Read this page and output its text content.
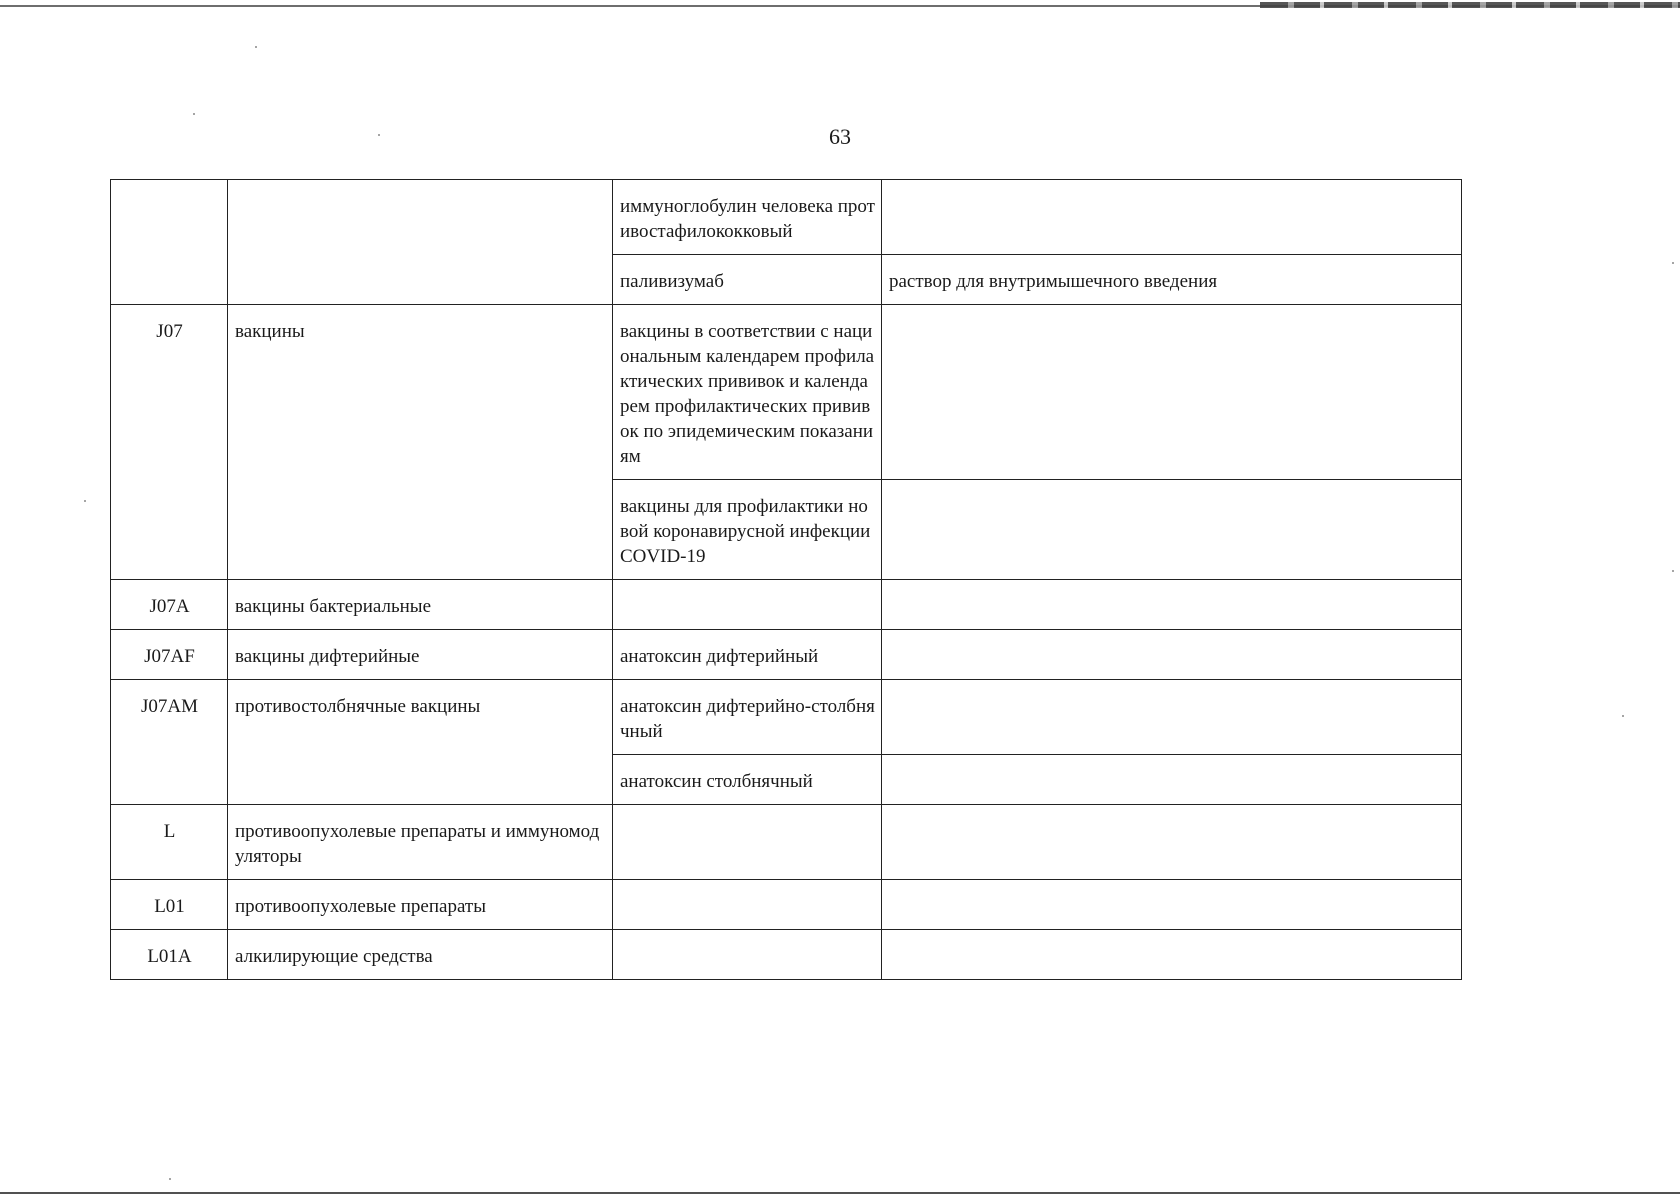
63
		иммуноглобулин человека противостафилококковый	
		паливизумаб	раствор для внутримышечного введения
J07	вакцины	вакцины в соответствии с национальным календарем профилактических прививок и календарем профилактических прививок по эпидемическим показаниям	
		вакцины для профилактики новой коронавирусной инфекции COVID-19	
J07A	вакцины бактериальные		
J07AF	вакцины дифтерийные	анатоксин дифтерийный	
J07AM	противостолбнячные вакцины	анатоксин дифтерийно-столбнячный	
		анатоксин столбнячный	
L	противоопухолевые препараты и иммуномодуляторы		
L01	противоопухолевые препараты		
L01A	алкилирующие средства		
